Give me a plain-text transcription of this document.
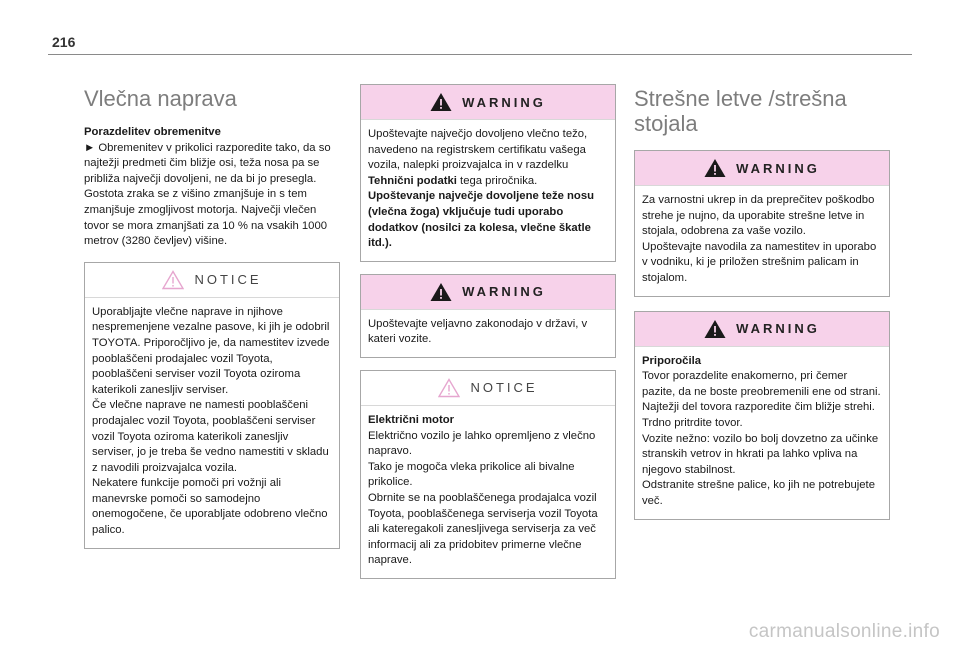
216
Vlečna naprava

Porazdelitev obremenitve

► Obremenitev v prikolici razporedite tako, da so najtežji predmeti čim bližje osi, teža nosa pa se približa največji dovoljeni, ne da bi jo presegla.

Gostota zraka se z višino zmanjšuje in s tem zmanjšuje zmogljivost motorja. Največji vlečen tovor se mora zmanjšati za 10 % na vsakih 1000 metrov (3280 čevljev) višine.

NOTICE

Uporabljajte vlečne naprave in njihove nespremenjene vezalne pasove, ki jih je odobril TOYOTA. Priporočljivo je, da namestitev izvede pooblaščeni prodajalec vozil Toyota, pooblaščeni serviser vozil Toyota oziroma katerikoli zanesljiv serviser.

Če vlečne naprave ne namesti pooblaščeni prodajalec vozil Toyota, pooblaščeni serviser vozil Toyota oziroma katerikoli zanesljiv serviser, jo je treba še vedno namestiti v skladu z navodili proizvajalca vozila.

Nekatere funkcije pomoči pri vožnji ali manevrske pomoči so samodejno onemogočene, če uporabljate odobreno vlečno palico.

WARNING

Upoštevajte največjo dovoljeno vlečno težo, navedeno na registrskem certifikatu vašega vozila, nalepki proizvajalca in v razdelku Tehnični podatki tega priročnika.

Upoštevanje največje dovoljene teže nosu (vlečna žoga) vključuje tudi uporabo dodatkov (nosilci za kolesa, vlečne škatle itd.).

WARNING

Upoštevajte veljavno zakonodajo v državi, v kateri vozite.

NOTICE

Električni motor

Električno vozilo je lahko opremljeno z vlečno napravo.

Tako je mogoča vleka prikolice ali bivalne prikolice.

Obrnite se na pooblaščenega prodajalca vozil Toyota, pooblaščenega serviserja vozil Toyota ali kateregakoli zanesljivega serviserja za več informacij ali za pridobitev primerne vlečne naprave.

Strešne letve /strešna stojala
WARNING

Za varnostni ukrep in da preprečitev poškodbo strehe je nujno, da uporabite strešne letve in stojala, odobrena za vaše vozilo.

Upoštevajte navodila za namestitev in uporabo v vodniku, ki je priložen strešnim palicam in stojalom.

WARNING

Priporočila

Tovor porazdelite enakomerno, pri čemer pazite, da ne boste preobremenili ene od strani.

Najtežji del tovora razporedite čim bližje strehi.

Trdno pritrdite tovor.

Vozite nežno: vozilo bo bolj dovzetno za učinke stranskih vetrov in hkrati pa lahko vpliva na njegovo stabilnost.

Odstranite strešne palice, ko jih ne potrebujete več.

carmanualsonline.info
